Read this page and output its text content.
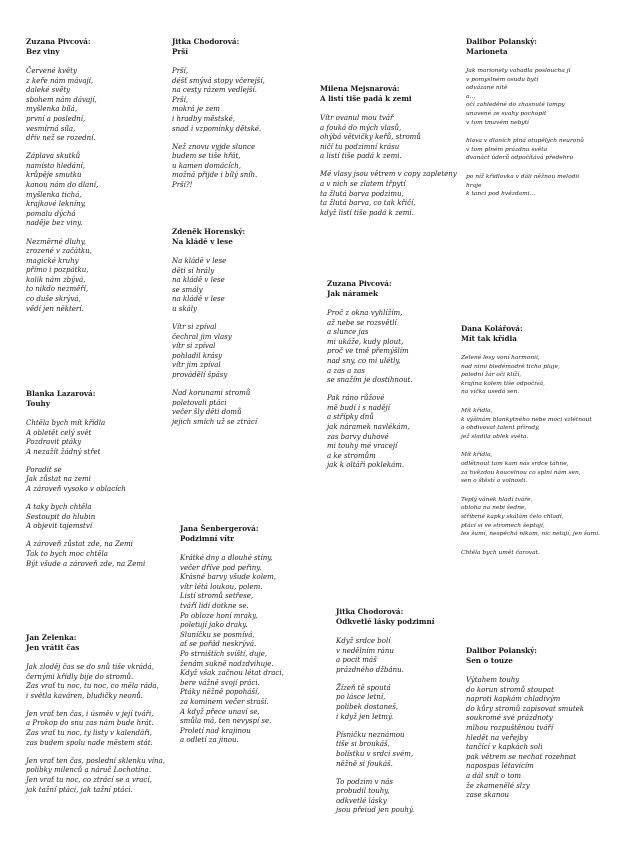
Zuzana Pivcová:
Bez viny
Červené květy
z keře nám mávají,
daleké světy
sbohem nám dávají,
myšlenka bílá,
první a poslední,
vesmírná síla,
dřív než se rozední.
Záplava skutků
namísto hledání,
krůpěje smutku
kanou nám do dlaní,
myšlenka tichá,
krajkové lekníny,
pomalu dýchá
naděje bez viny.
Nezměrné dluhy,
zrozené v začátku,
magické kruhy
přímo i pozpátku,
kolik nám zbývá,
to nikdo nezměří,
co duše skrývá,
vědí jen některí.
Blanka Lazarová:
Touhy
Chtěla bych mít křídla
A obletět celý svět
Pozdravit ptáky
A nezažít žádný střet
Poradit se
Jak zůstat na zemi
A zároveň vysoko v oblacích
A taky bych chtěla
Sestoupit do hlubin
A objevit tajemství
A zároveň zůstat zde, na Zemi
Tak to bych moc chtěla
Být všude a zároveň zde, na Zemi
Jan Zelenka:
Jen vrátit čas
Jak zloděj čas se do snů tiše vkrádá,
černými křídly bije do stromů.
Zas vrať tu noc, tu noc, co měla ráda,
i světla kaváren, bludičky neonů.
Jen vrať ten čas, i úsměv v její tváři,
a Prokop do snu zas nám bude hrát.
Zas vrať tu noc, ty listy v kalendáři,
zas budem spolu nade městem stát.
Jen vrať ten čas, poslední sklenku vína,
polibky milenců a náruč Lochotína.
Jen vrať tu noc, co ztrácí se a vrací,
jak tažní ptáci, jak tažní ptáci.
Jitka Chodorová:
Prší
Prší,
déšť smývá stopy včerejší,
na cesty rázem vedlejší.
Prší,
mokrá je zem
i hradby městské,
snad i vzpomínky dětské.
Než znovu vyjde slunce
budem se tiše hřát,
u kamen domácích,
možná přijde i bílý sníh.
Prší?!
Zdeněk Horenský:
Na kládě v lese
Na kládě v lese
děti si hrály
na kládě v lese
se smály
na kládě v lese
u skály
Vítr si zpíval
čechral jim vlasy
vítr si zpíval
pohladil krásy
vítr jim zpíval
provádělí špásy
Nad korunami stromů
poletovali ptáci
večer šly děti domů
jejich smích už se ztrácí
Jana Šenbergerová:
Podzimní vítr
Krátké dny a dlouhé stíny,
večer dříve pod peřiny.
Krásné barvy všude kolem,
vítr létá loukou, polem.
Listí stromů setřese,
tváří lidí dotkne se.
Po obloze honí mraky,
poletují jako draky.
Sluníčku se posmívá,
ať se pořád neskrývá.
Po strništích svíští, duje,
ženám sukně nadzdvihuje.
Když však začnou létat draci,
bere vážně svojí práci.
Ptáky něžně popoháší,
za kominem večer straší.
A když přece unaví se,
smůla má, ten nevyspí se.
Proletí nad krajinou
a odletí za jinou.
Milena Mejsnarová:
A listí tiše padá k zemi
Vítr ovanul mou tvář
a fouká do mých vlasů,
ohýbá větvičky keřů, stromů
ničí tu podzimní krásu
a listí tiše padá k zemi.
Mé vlasy jsou větrem v copy zapleteny
a v nich se zlatem třpytí
ta žlutá barva podzimu,
ta žlutá barva, co tak křičí,
když listí tiše padá k zemi.
Zuzana Pivcová:
Jak náramek
Proč z okna vyhlížím,
až nebe se rozsvětlí
a slunce jas
mi ukáže, kudy plout,
proč ve tmě přemýšlím
nad sny, co mi ulétly,
a zas a zas
se snažím je dostihnout.
Pak ráno růžové
mě budí i s nadějí
a střípky dnů
jak náramek navlékám,
zas barvy duhové
mi touhy mé vracejí
a ke stromům
jak k oltáři poklekám.
Jitka Chodorová:
Odkvetlé lásky podzimní
Když srdce bolí
v nedělním ránu
a pocit máš
prázdného džbánu.
Žízeň tě spoutá
po lásce letní,
polibek dostaneš,
i když jen letmý.
Písničku neznámou
tiše si broukáš,
bolístku v srdci svém,
něžně si foukáš.
To podzim v nás
probudil touhy,
odkvetlé lásky
jsou přeiud jen pouhý.
Dalibor Polanský:
Marioneta
Jak marionety vahadla posloucha jí
v pomyslném osudu bytí
odvázané nitě
a…
očí zahleděné do zhasnuté lampy
unavené ze svahy pochopit
v tom tmavém nebytí
hlava v dlaních plná otupělých neuronů
v tom plném prázdnu světa
dvanáct úderů odpočítává předehru
po níž křídlovka v dáli něžnou melodii
hraje
k tanci pod hvězdami…
Dana Kolářová:
Mít tak křídla
Zelené lesy voní harmonií,
nad nimi bledémodré ticho pluje,
polední žár oči klíží,
krajina kolem tiše odpočívá,
na víčka usedá sen.
Mít křídla,
k výšinám blankytného nebe moci vzlétnout
a obdivovat talent přírody,
jež sladila oblek světa.
Mít křídla,
odlétnout tam kam nás srdce táhne,
za hvězdou koucelnou co splní nám sen,
sen o štěstí a volnosti.
Teplý vánek hladí tváře,
obloha na nebi šedne,
stříbrné kapky skálám čelo chladí,
ptáci si ve stromech šeptají,
les šumí, nespěchá nikam, nic netají, jen šumí.
Chtěla bych umět čarovat.
Dalibor Polanský:
Sen o touze
Výtahem touhy
do korun stromů stoupat
naproti kapkám chladivým
do kůry stromů zapisovat smutek
soukromé své prázdnoty
mlhou rozpuštěnou tváří
hledět na veřejby
tančící v kapkách soli
pak větrem se nechat rozehnat
napospas létavicím
a dál snít o tom
že zkamenělé slzy
zase skanou
